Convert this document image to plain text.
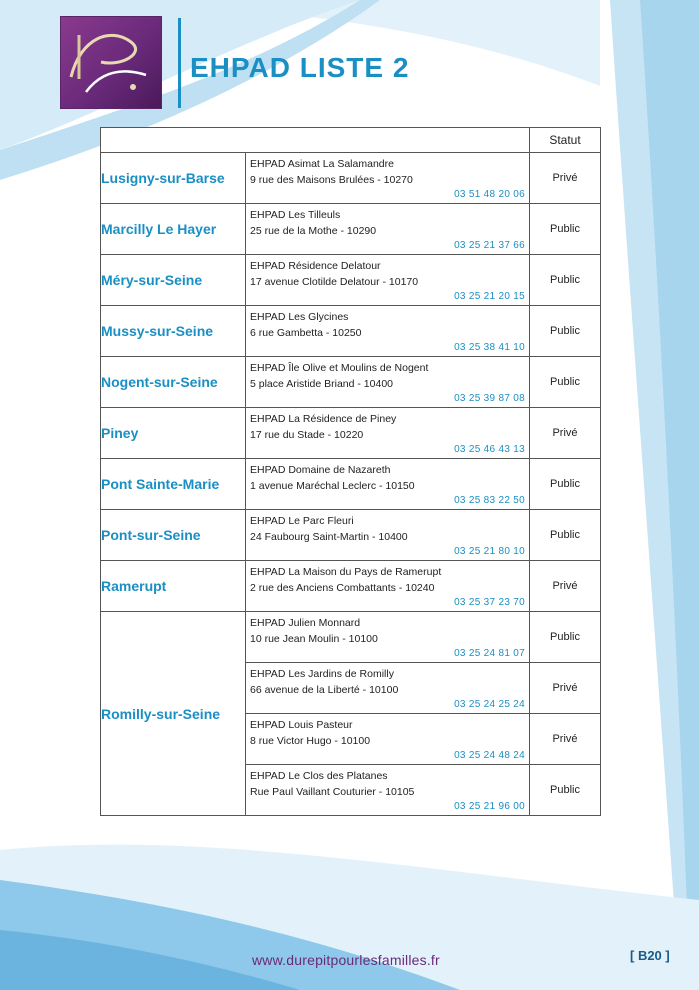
EHPAD LISTE 2
		Statut
Lusigny-sur-Barse	EHPAD Asimat La Salamandre
9 rue des Maisons Brulées - 10270
03 51 48 20 06	Privé
Marcilly Le Hayer	EHPAD Les Tilleuls
25 rue de la Mothe - 10290
03 25 21 37 66	Public
Méry-sur-Seine	EHPAD Résidence Delatour
17 avenue Clotilde Delatour - 10170
03 25 21 20 15	Public
Mussy-sur-Seine	EHPAD Les Glycines
6 rue Gambetta - 10250
03 25 38 41 10	Public
Nogent-sur-Seine	EHPAD Île Olive et Moulins de Nogent
5 place Aristide Briand - 10400
03 25 39 87 08	Public
Piney	EHPAD La Résidence de Piney
17 rue du Stade - 10220
03 25 46 43 13	Privé
Pont Sainte-Marie	EHPAD Domaine de Nazareth
1 avenue Maréchal Leclerc - 10150
03 25 83 22 50	Public
Pont-sur-Seine	EHPAD Le Parc Fleuri
24 Faubourg Saint-Martin - 10400
03 25 21 80 10	Public
Ramerupt	EHPAD La Maison du Pays de Ramerupt
2 rue des Anciens Combattants - 10240
03 25 37 23 70	Privé
Romilly-sur-Seine	EHPAD Julien Monnard
10 rue Jean Moulin - 10100
03 25 24 81 07	Public

	EHPAD Les Jardins de Romilly
66 avenue de la Liberté - 10100
03 25 24 25 24	Privé

	EHPAD Louis Pasteur
8 rue Victor Hugo - 10100
03 25 24 48 24	Privé

	EHPAD Le Clos des Platanes
Rue Paul Vaillant Couturier - 10105
03 25 21 96 00	Public
www.durepitpourlesfamilles.fr	[ B20 ]
